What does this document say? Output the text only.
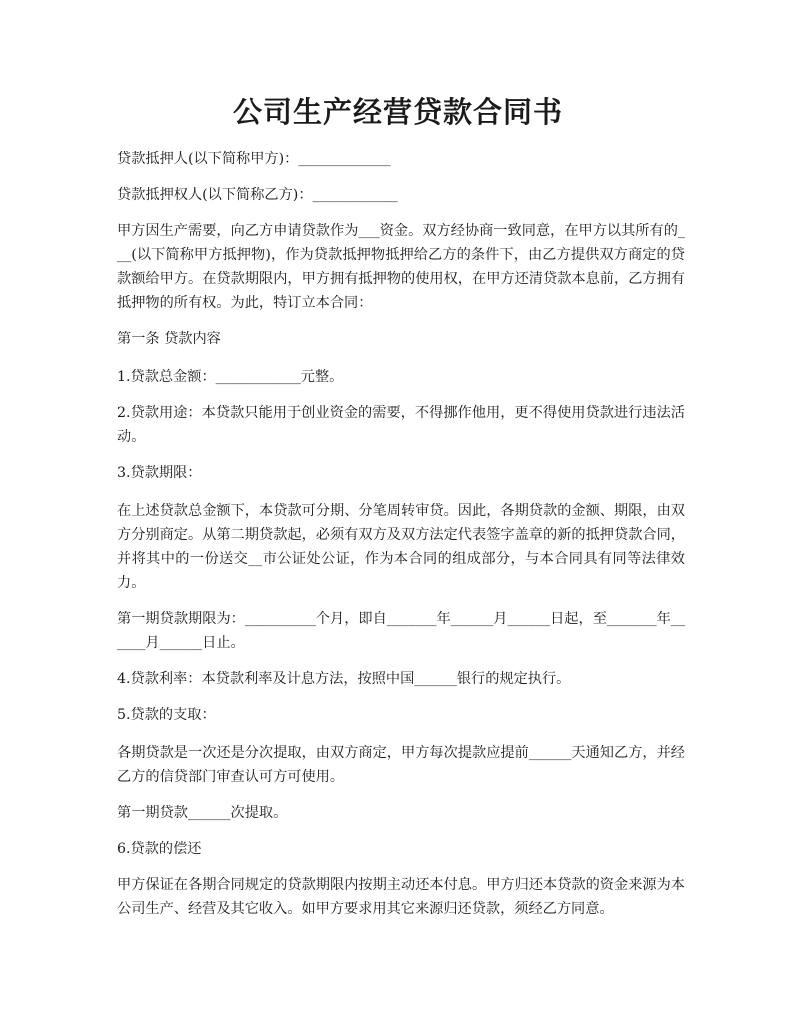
公司生产经营贷款合同书

贷款抵押人(以下简称甲方)：_____________

贷款抵押权人(以下简称乙方)：____________

甲方因生产需要，向乙方申请贷款作为___资金。双方经协商一致同意，在甲方以其所有的___(以下简称甲方抵押物)，作为贷款抵押物抵押给乙方的条件下，由乙方提供双方商定的贷款额给甲方。在贷款期限内，甲方拥有抵押物的使用权，在甲方还清贷款本息前，乙方拥有抵押物的所有权。为此，特订立本合同：

第一条 贷款内容

1.贷款总金额：____________元整。

2.贷款用途：本贷款只能用于创业资金的需要，不得挪作他用，更不得使用贷款进行违法活动。

3.贷款期限：

在上述贷款总金额下，本贷款可分期、分笔周转审贷。因此，各期贷款的金额、期限，由双方分别商定。从第二期贷款起，必须有双方及双方法定代表签字盖章的新的抵押贷款合同，并将其中的一份送交__市公证处公证，作为本合同的组成部分，与本合同具有同等法律效力。

第一期贷款期限为：__________个月，即自_______年______月______日起，至_______年______月______日止。

4.贷款利率：本贷款利率及计息方法，按照中国______银行的规定执行。

5.贷款的支取：

各期贷款是一次还是分次提取，由双方商定，甲方每次提款应提前______天通知乙方，并经乙方的信贷部门审查认可方可使用。

第一期贷款______次提取。

6.贷款的偿还

甲方保证在各期合同规定的贷款期限内按期主动还本付息。甲方归还本贷款的资金来源为本公司生产、经营及其它收入。如甲方要求用其它来源归还贷款，须经乙方同意。
